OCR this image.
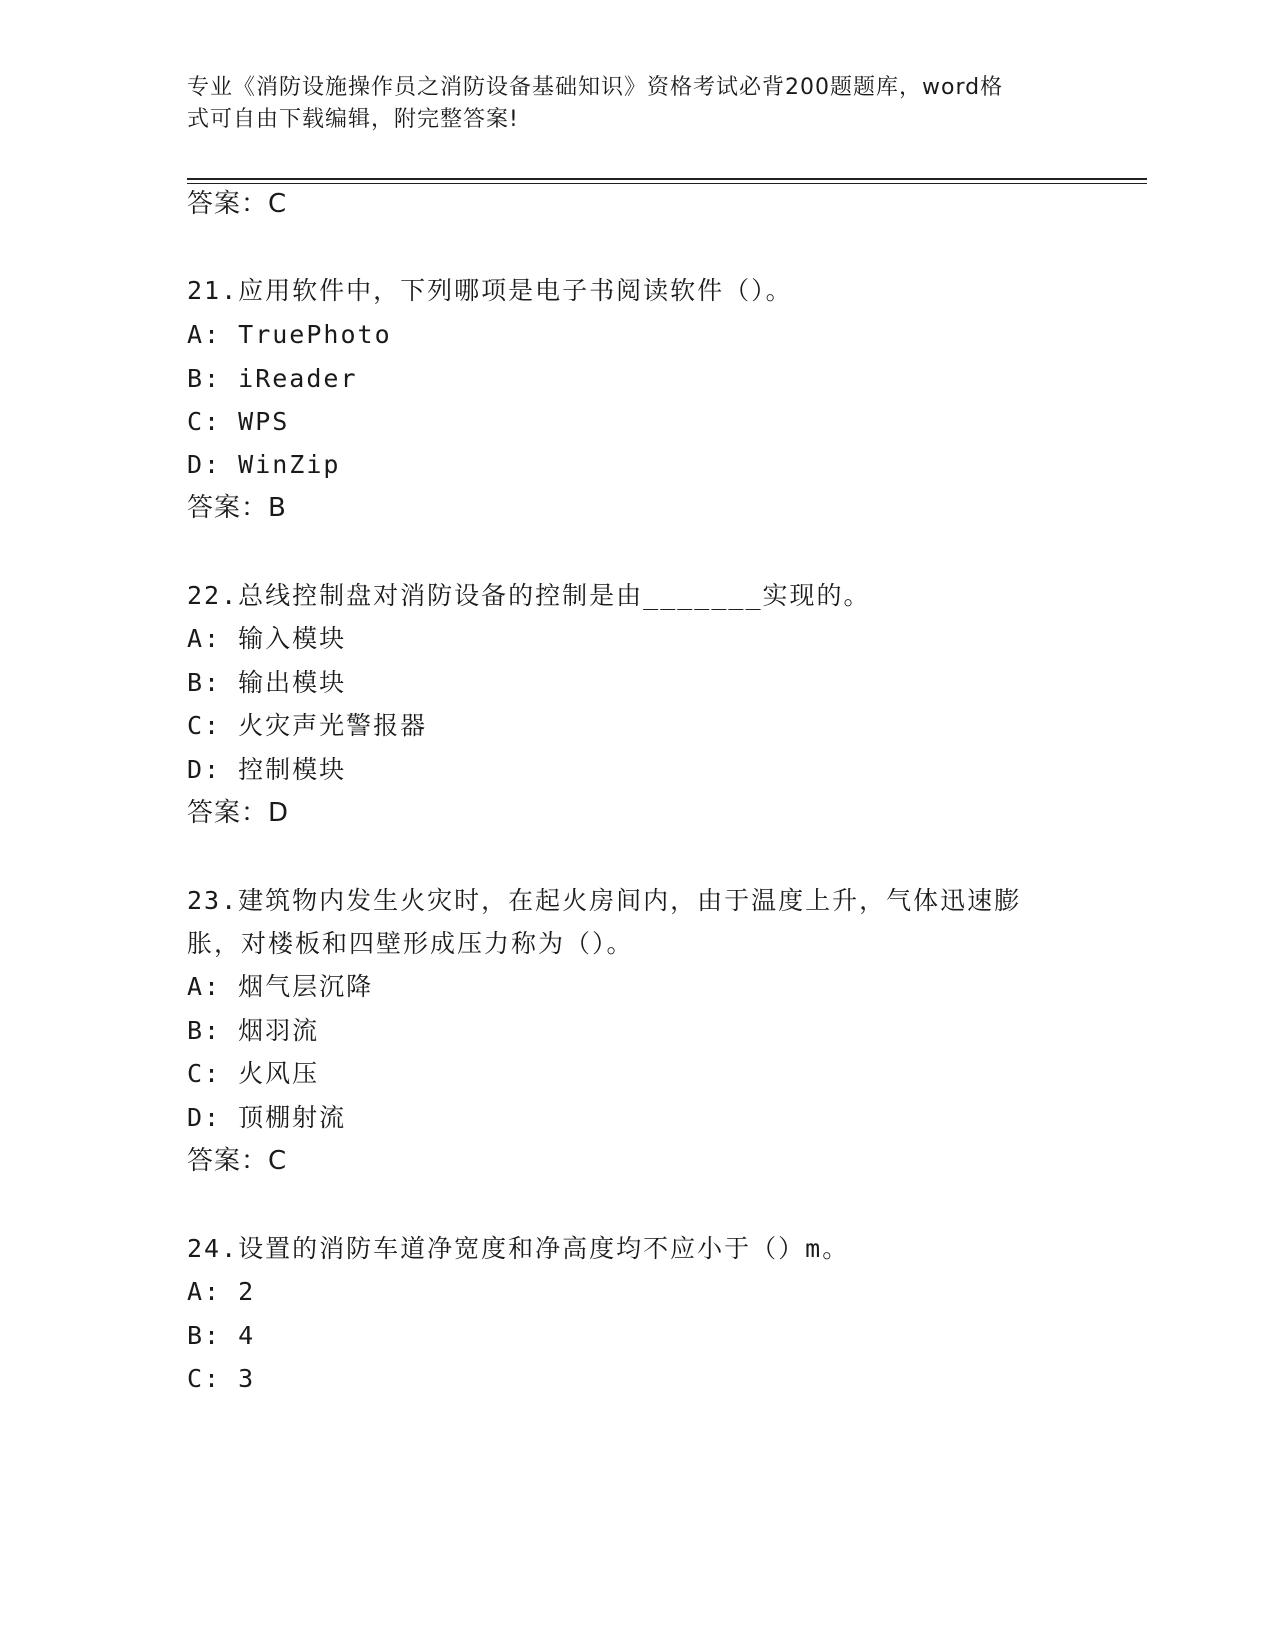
专业《消防设施操作员之消防设备基础知识》资格考试必背200题题库，word格
式可自由下载编辑，附完整答案!
答案：C
21.应用软件中，下列哪项是电子书阅读软件（）。
A: TruePhoto
B: iReader
C: WPS
D: WinZip
答案：B
22.总线控制盘对消防设备的控制是由_______实现的。
A: 输入模块
B: 输出模块
C: 火灾声光警报器
D: 控制模块
答案：D
23.建筑物内发生火灾时，在起火房间内，由于温度上升，气体迅速膨
胀，对楼板和四壁形成压力称为（）。
A: 烟气层沉降
B: 烟羽流
C: 火风压
D: 顶棚射流
答案：C
24.设置的消防车道净宽度和净高度均不应小于（）m。
A: 2
B: 4
C: 3
